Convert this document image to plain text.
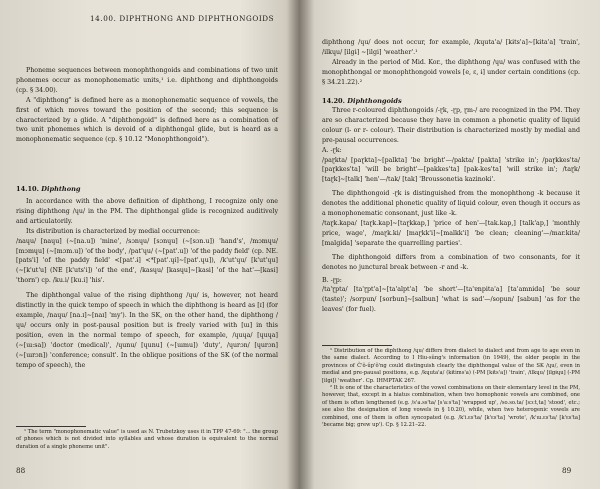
14.00. DIPHTHONG AND DIPHTHONGOIDS

Phoneme sequences between monophthongoids and combinations of two unit phonemes occur as monophonematic units,¹ i.e. diphthong and diphthongoids (cp. § 34.00).

A "diphthong" is defined here as a monophonematic sequence of vowels, the first of which moves toward the position of the second; this sequence is characterized by a glide. A "diphthongoid" is defined here as a combination of two unit phonemes which is devoid of a diphthongal glide, but is heard as a monophonematic sequence (cp. § 10.12 "Monophthongoid").

14.10. Diphthong

In accordance with the above definition of diphthong, I recognize only one rising diphthong /ɥu/ in the PM. The diphthongal glide is recognized auditively and articulatorily.

Its distribution is characterized by medial occurrence:

/naɥu/ [naɥu] (∼[na.u]) 'mine', /sɔnɥu/ [sɔnɥu] (∼[sɔn.u]) 'hand's', /mɔmɥu/ [mɔmɥu] (∼[mɔm.u]) 'of the body', /pat'ɥu/ (∼[pat'.u]) 'of the paddy field' (cp. NE. [pats'i] 'of the paddy field' <[pat'.ɨ] <*[pat'.ɥi]∼[pat'.ɥu]), /k'ut'ɥu/ [k'ut'ɥu] (∼[k'ut'u] (NE [k'uts'i]) 'of the end', /kasɥu/ [kasɥu]∼[kasi] 'of the hat'—[kasi] 'thorn') cp. /ku.i/ [ku.i] 'his'.

The diphthongal value of the rising diphthong /ɥu/ is, however, not heard distinctly in the quick tempo of speech in which the diphthong is heard as [ɪ] (for example, /naɥu/ [na.ɪ]∼[naɪ] 'my'). In the SK, on the other hand, the diphthong /ɥu/ occurs only in post-pausal position but is freely varied with [ɯ] in this position, even in the normal tempo of speech, for example, /ɥuɥa/ [ɥuɥa] (∼[ɯ:sa]) 'doctor (medical)', /ɥunu/ [ɥunu] (∼[ɯmu]) 'duty', /ɥurɔn/ [ɥurɔn] (∼[ɯrɔn]) 'conference; consult'. In the oblique positions of the SK (of the normal tempo of speech), the

¹ The term "monophonematic value" is used as N. Trubetzkoy uses it in TPP 47-69: "... the group of phones which is not divided into syllables and whose duration is equivalent to the normal duration of a single phoneme unit".

88

diphthong /ɥu/ does not occur, for example, /kɥuta'a/ [kɨts'a]∼[kɨta'a] 'train', /ilkɥu/ [ilgɨ] ∼[ilgi] 'weather'.¹

Already in the period of Mid. Kor., the diphthong /ɥu/ was confused with the monophthongal or monophthongoid vowels [e, ɛ, ɨ] under certain conditions (cp. § 34.21.22).²

14.20. Diphthongoids

Three r-coloured diphthongoids /-ɽk, -ɽp, ɽm-/ are recognized in the PM. They are so characterized because they have in common a phonetic quality of liquid colour (l- or r- colour). Their distribution is characterized mostly by medial and pre-pausal occurrences.

A. -ɽk:

/paɽkta/ [paɽkta]∼[palkta] 'be bright'—/pakta/ [pakta] 'strike in'; /paɽkkes'ta/ [paɽkkes'ta] 'will be bright'—[pakkes'ta] [pak-kes'ta] 'will strike in'; /taɽk/ [taɽk]∼[talk] 'hen'—/tak/ [tak] 'Broussonetia kazinoki'.

The diphthongoid -ɽk is distinguished from the monophthong -k because it denotes the additional phonetic quality of liquid colour, even though it occurs as a monophonematic consonant, just like -k.

/taɽk.kapa/ [taɽk.kap]∼[taɽkkap,] 'price of hen'—[tak.kap,] [talk'ap,] 'monthly price, wage', /maɽk.ki/ [maɽkk'i]∼[malkk'i] 'be clean; cleaning'—/mar.kita/ [malgida] 'separate the quarrelling parties'.

The diphthongoid differs from a combination of two consonants, for it denotes no junctural break between -r and -k.

B. -ɽp:

/ta'ɽpta/ [ta'ɽpt'a]∼[ta'alpt'a] 'be short'—[ta'ɐnpita'a] [ta'amnida] 'be sour (taste)'; /sorpun/ [sorbun]∼[salbun] 'what is sad'—/sopun/ [sabun] 'as for the leaves' (for fuel).

¹ Distribution of the diphthong /ɥu/ differs from dialect to dialect and from age to age even in the same dialect. According to I Hiu-sŭng's information (in 1949), the older people in the provinces of Č'ŏ-ŭp'ŏ'ng could distinguish clearly the diphthongal value of the SK /ɥu/, even in medial and pre-pausal positions, e.g. /kɥuta'a/ (kɨtims'a) (-PM [kɨts'a]) 'train', /ilkɥu/ [ilgɨɥu] (-PM [ilgɨ]) 'weather'. Cp. IHMPTAK 267.

² It is one of the characteristics of the vowel combinations on their elementary level in the PM, however, that, except in a hiatus combination, when two homophonic vowels are combined, one of them is often lengthened (e.g. /s'a.ss'ta/ [s'a:s'ta] 'wrapped up', /so.so.ta/ [sɔ:t,ta] 'stood', etc.; see also the designation of long vowels in § 10.20), while, when two heterogenic vowels are combined, one of them is often syncopated (e.g. /k'i.ɛs'ta/ [k'ɛs'ta] 'wrote', /k'ɯ.ɛs'ta/ [k'ɛs'ta] 'became big; grew up'). Cp. § 12.21–22.

89
